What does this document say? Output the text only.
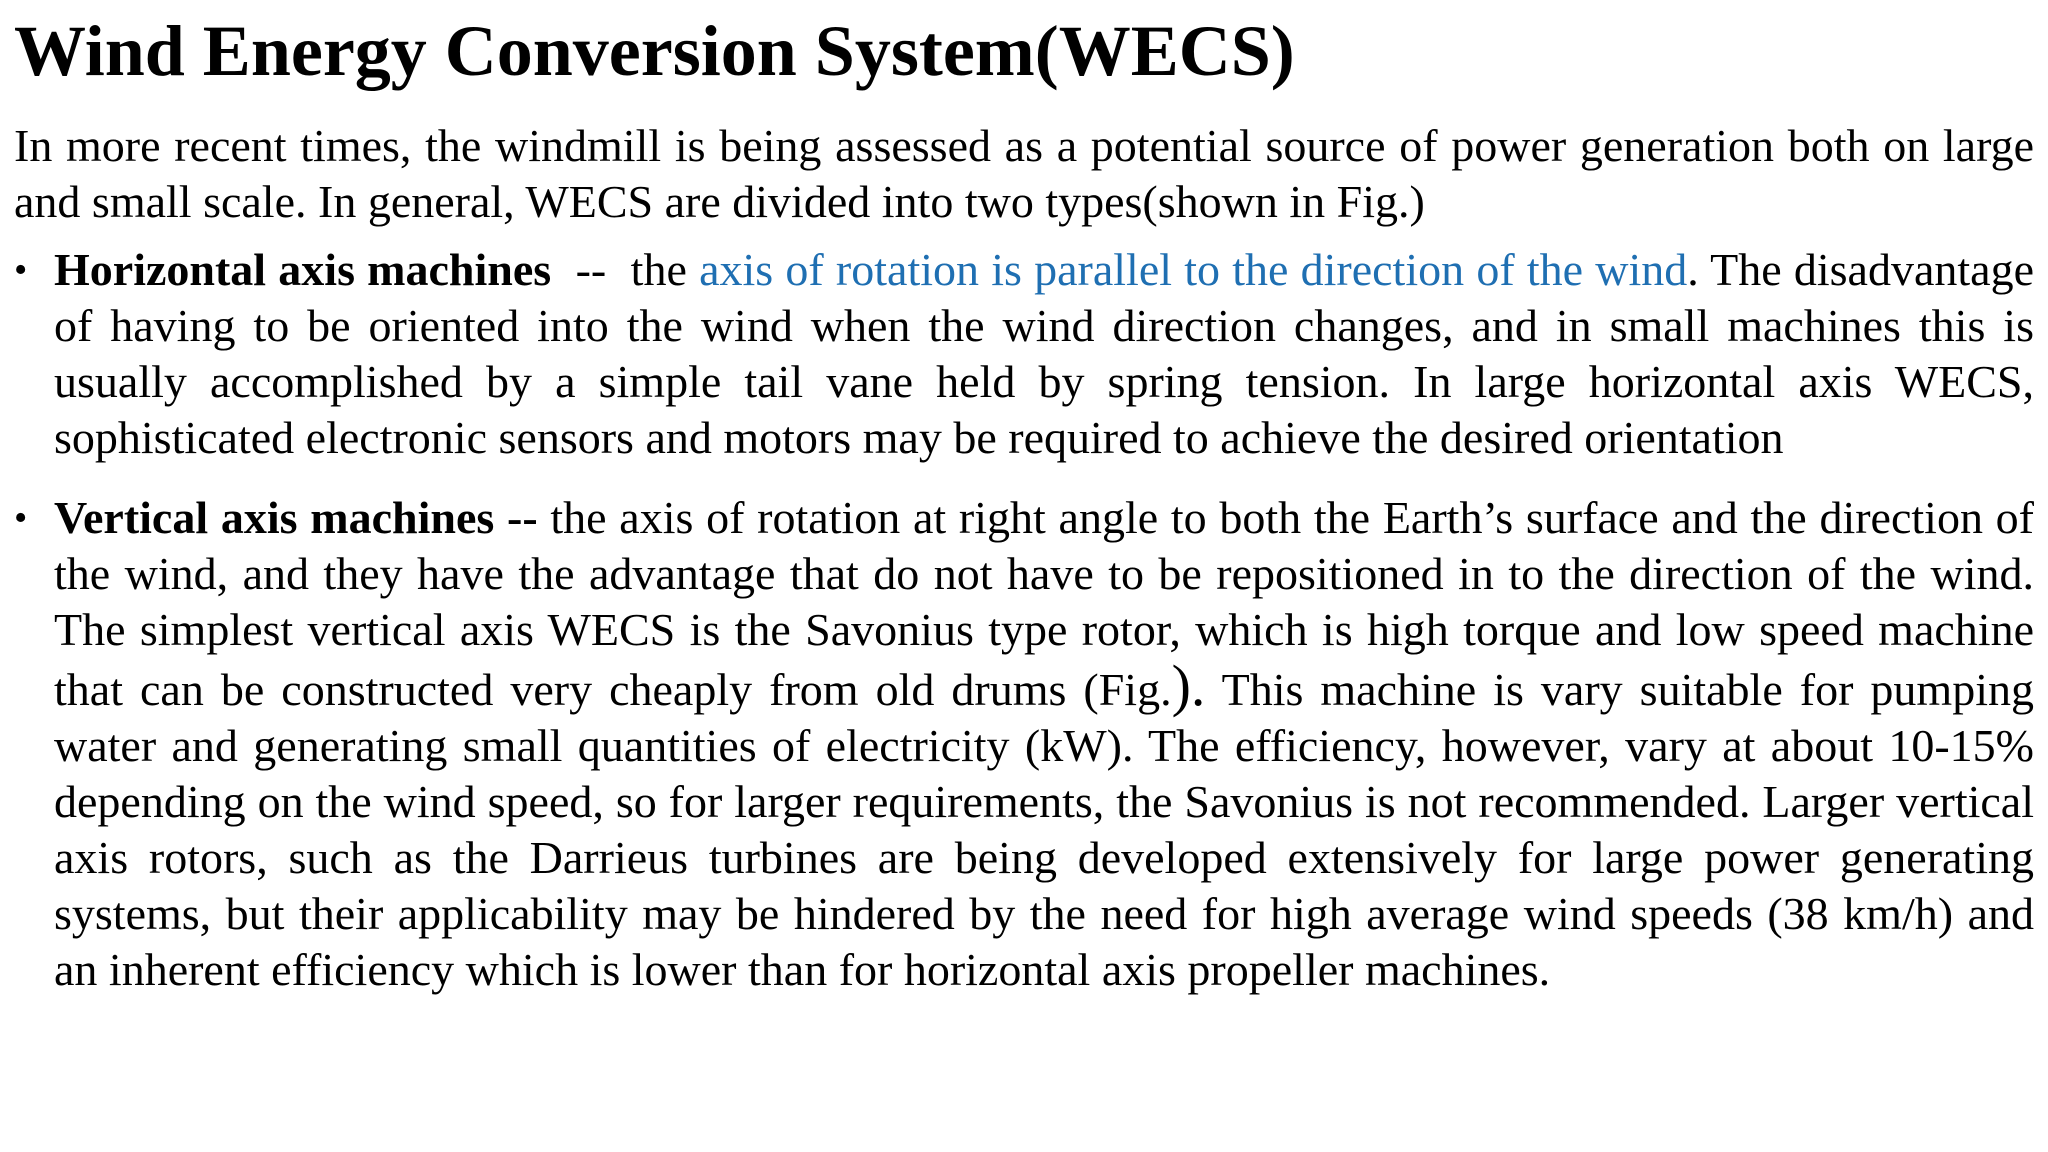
Wind Energy Conversion System(WECS)

In more recent times, the windmill is being assessed as a potential source of power generation both on large and small scale. In general, WECS are divided into two types(shown in Fig.)

• Horizontal axis machines -- the axis of rotation is parallel to the direction of the wind. The disadvantage of having to be oriented into the wind when the wind direction changes, and in small machines this is usually accomplished by a simple tail vane held by spring tension. In large horizontal axis WECS, sophisticated electronic sensors and motors may be required to achieve the desired orientation
• Vertical axis machines -- the axis of rotation at right angle to both the Earth’s surface and the direction of the wind, and they have the advantage that do not have to be repositioned in to the direction of the wind. The simplest vertical axis WECS is the Savonius type rotor, which is high torque and low speed machine that can be constructed very cheaply from old drums (Fig.). This machine is vary suitable for pumping water and generating small quantities of electricity (kW). The efficiency, however, vary at about 10-15% depending on the wind speed, so for larger requirements, the Savonius is not recommended. Larger vertical axis rotors, such as the Darrieus turbines are being developed extensively for large power generating systems, but their applicability may be hindered by the need for high average wind speeds (38 km/h) and an inherent efficiency which is lower than for horizontal axis propeller machines.
